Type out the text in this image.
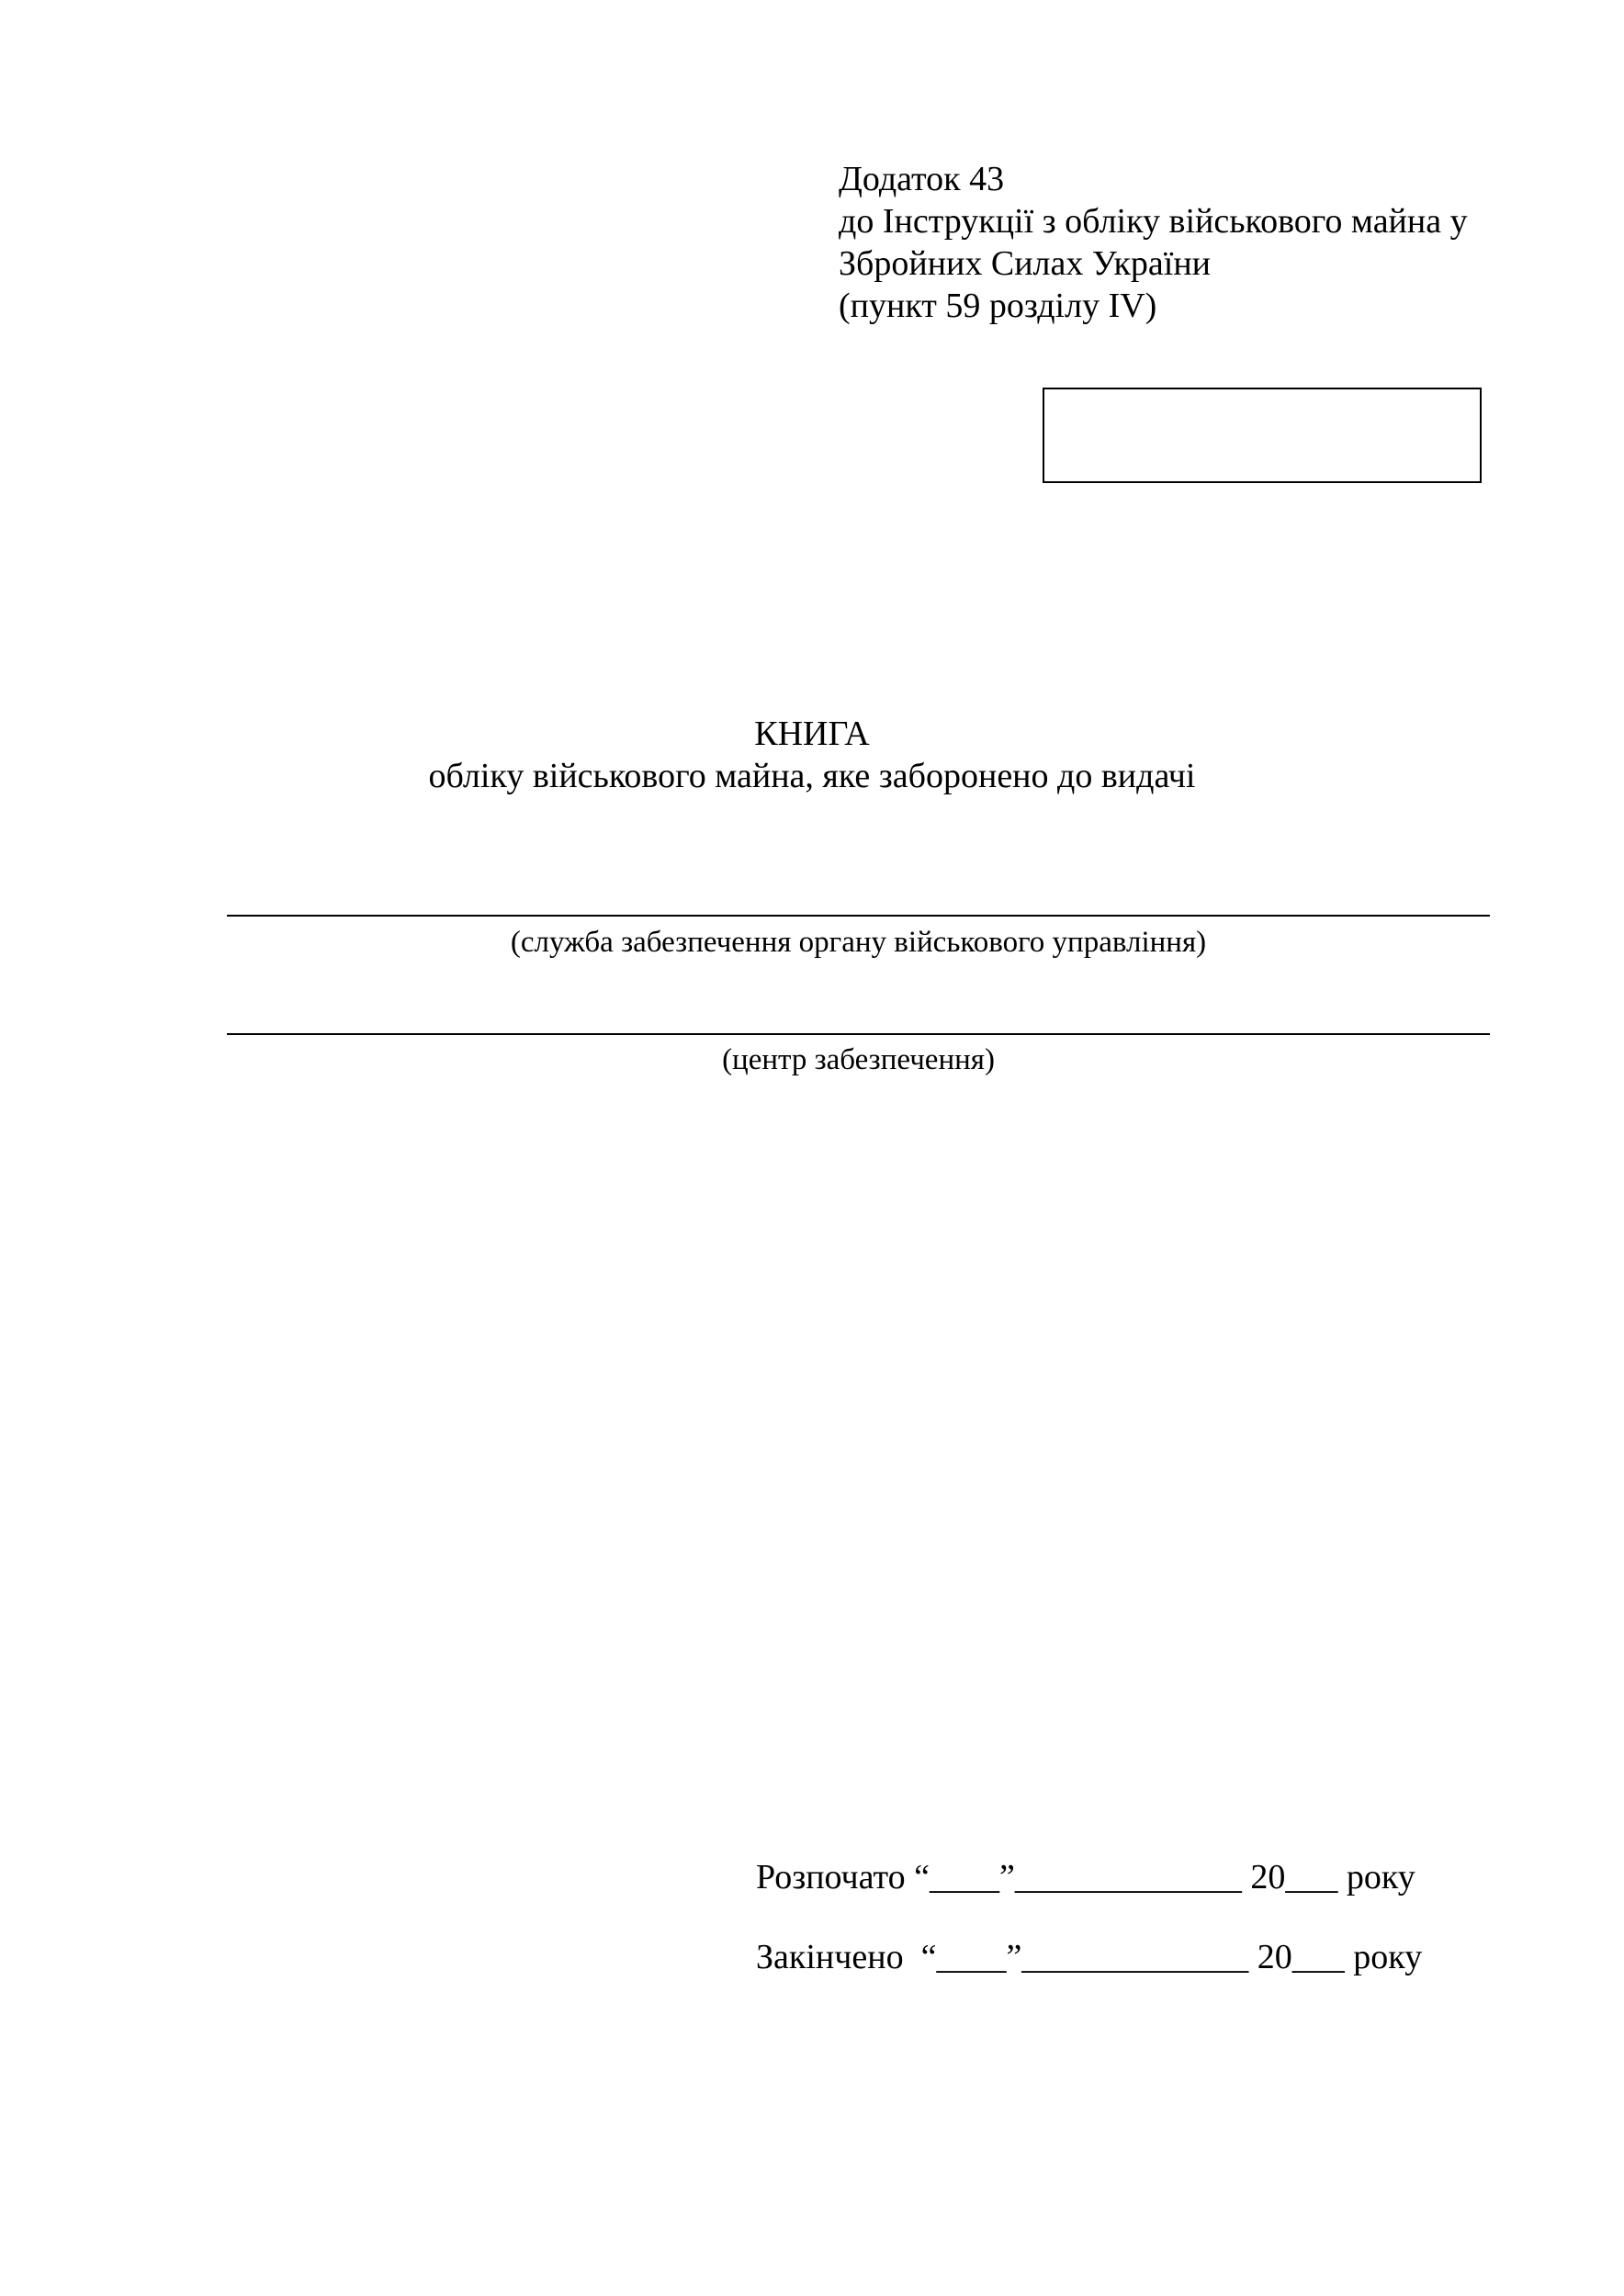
Додаток 43
до Інструкції з обліку військового майна у
Збройних Силах України
(пункт 59 розділу IV)
КНИГА
обліку військового майна, яке заборонено до видачі
(служба забезпечення органу військового управління)
(центр забезпечення)
Розпочато “____”_____________ 20___ року
Закінчено  “____”_____________ 20___ року
